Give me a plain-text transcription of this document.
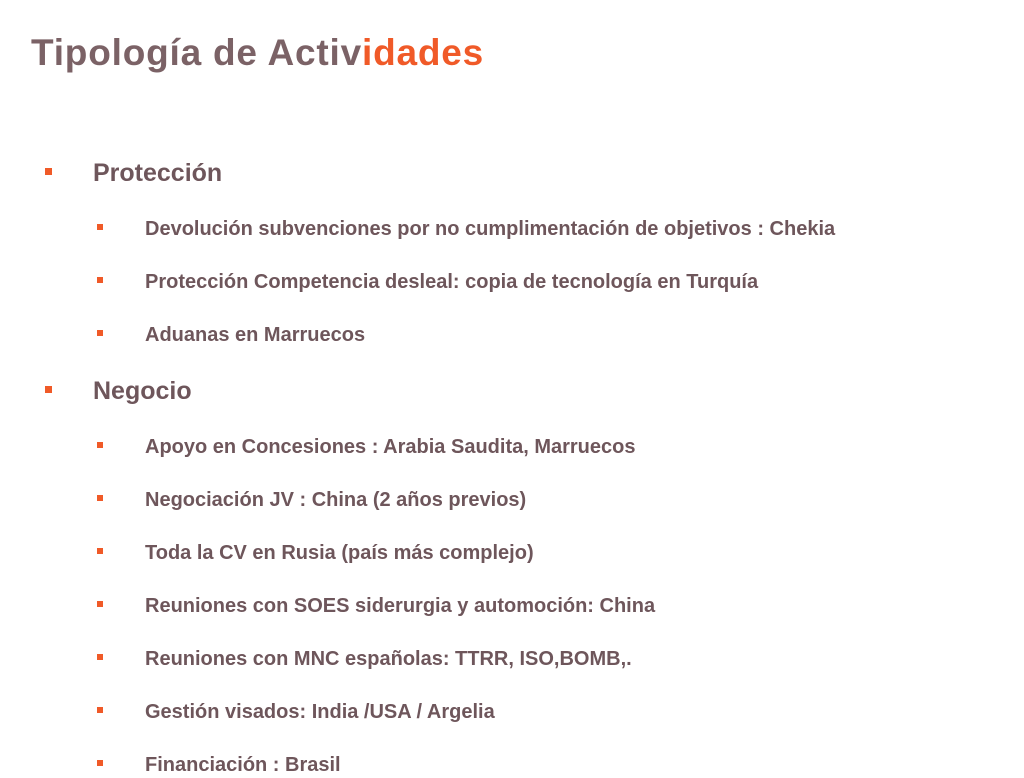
Tipología de Actividades
Protección
Devolución subvenciones por no cumplimentación de objetivos : Chekia
Protección Competencia desleal: copia de tecnología en Turquía
Aduanas en Marruecos
Negocio
Apoyo en Concesiones : Arabia Saudita, Marruecos
Negociación JV : China (2 años previos)
Toda la CV en Rusia (país más complejo)
Reuniones con SOES siderurgia y automoción: China
Reuniones con MNC españolas: TTRR, ISO,BOMB,.
Gestión visados: India /USA / Argelia
Financiación : Brasil
